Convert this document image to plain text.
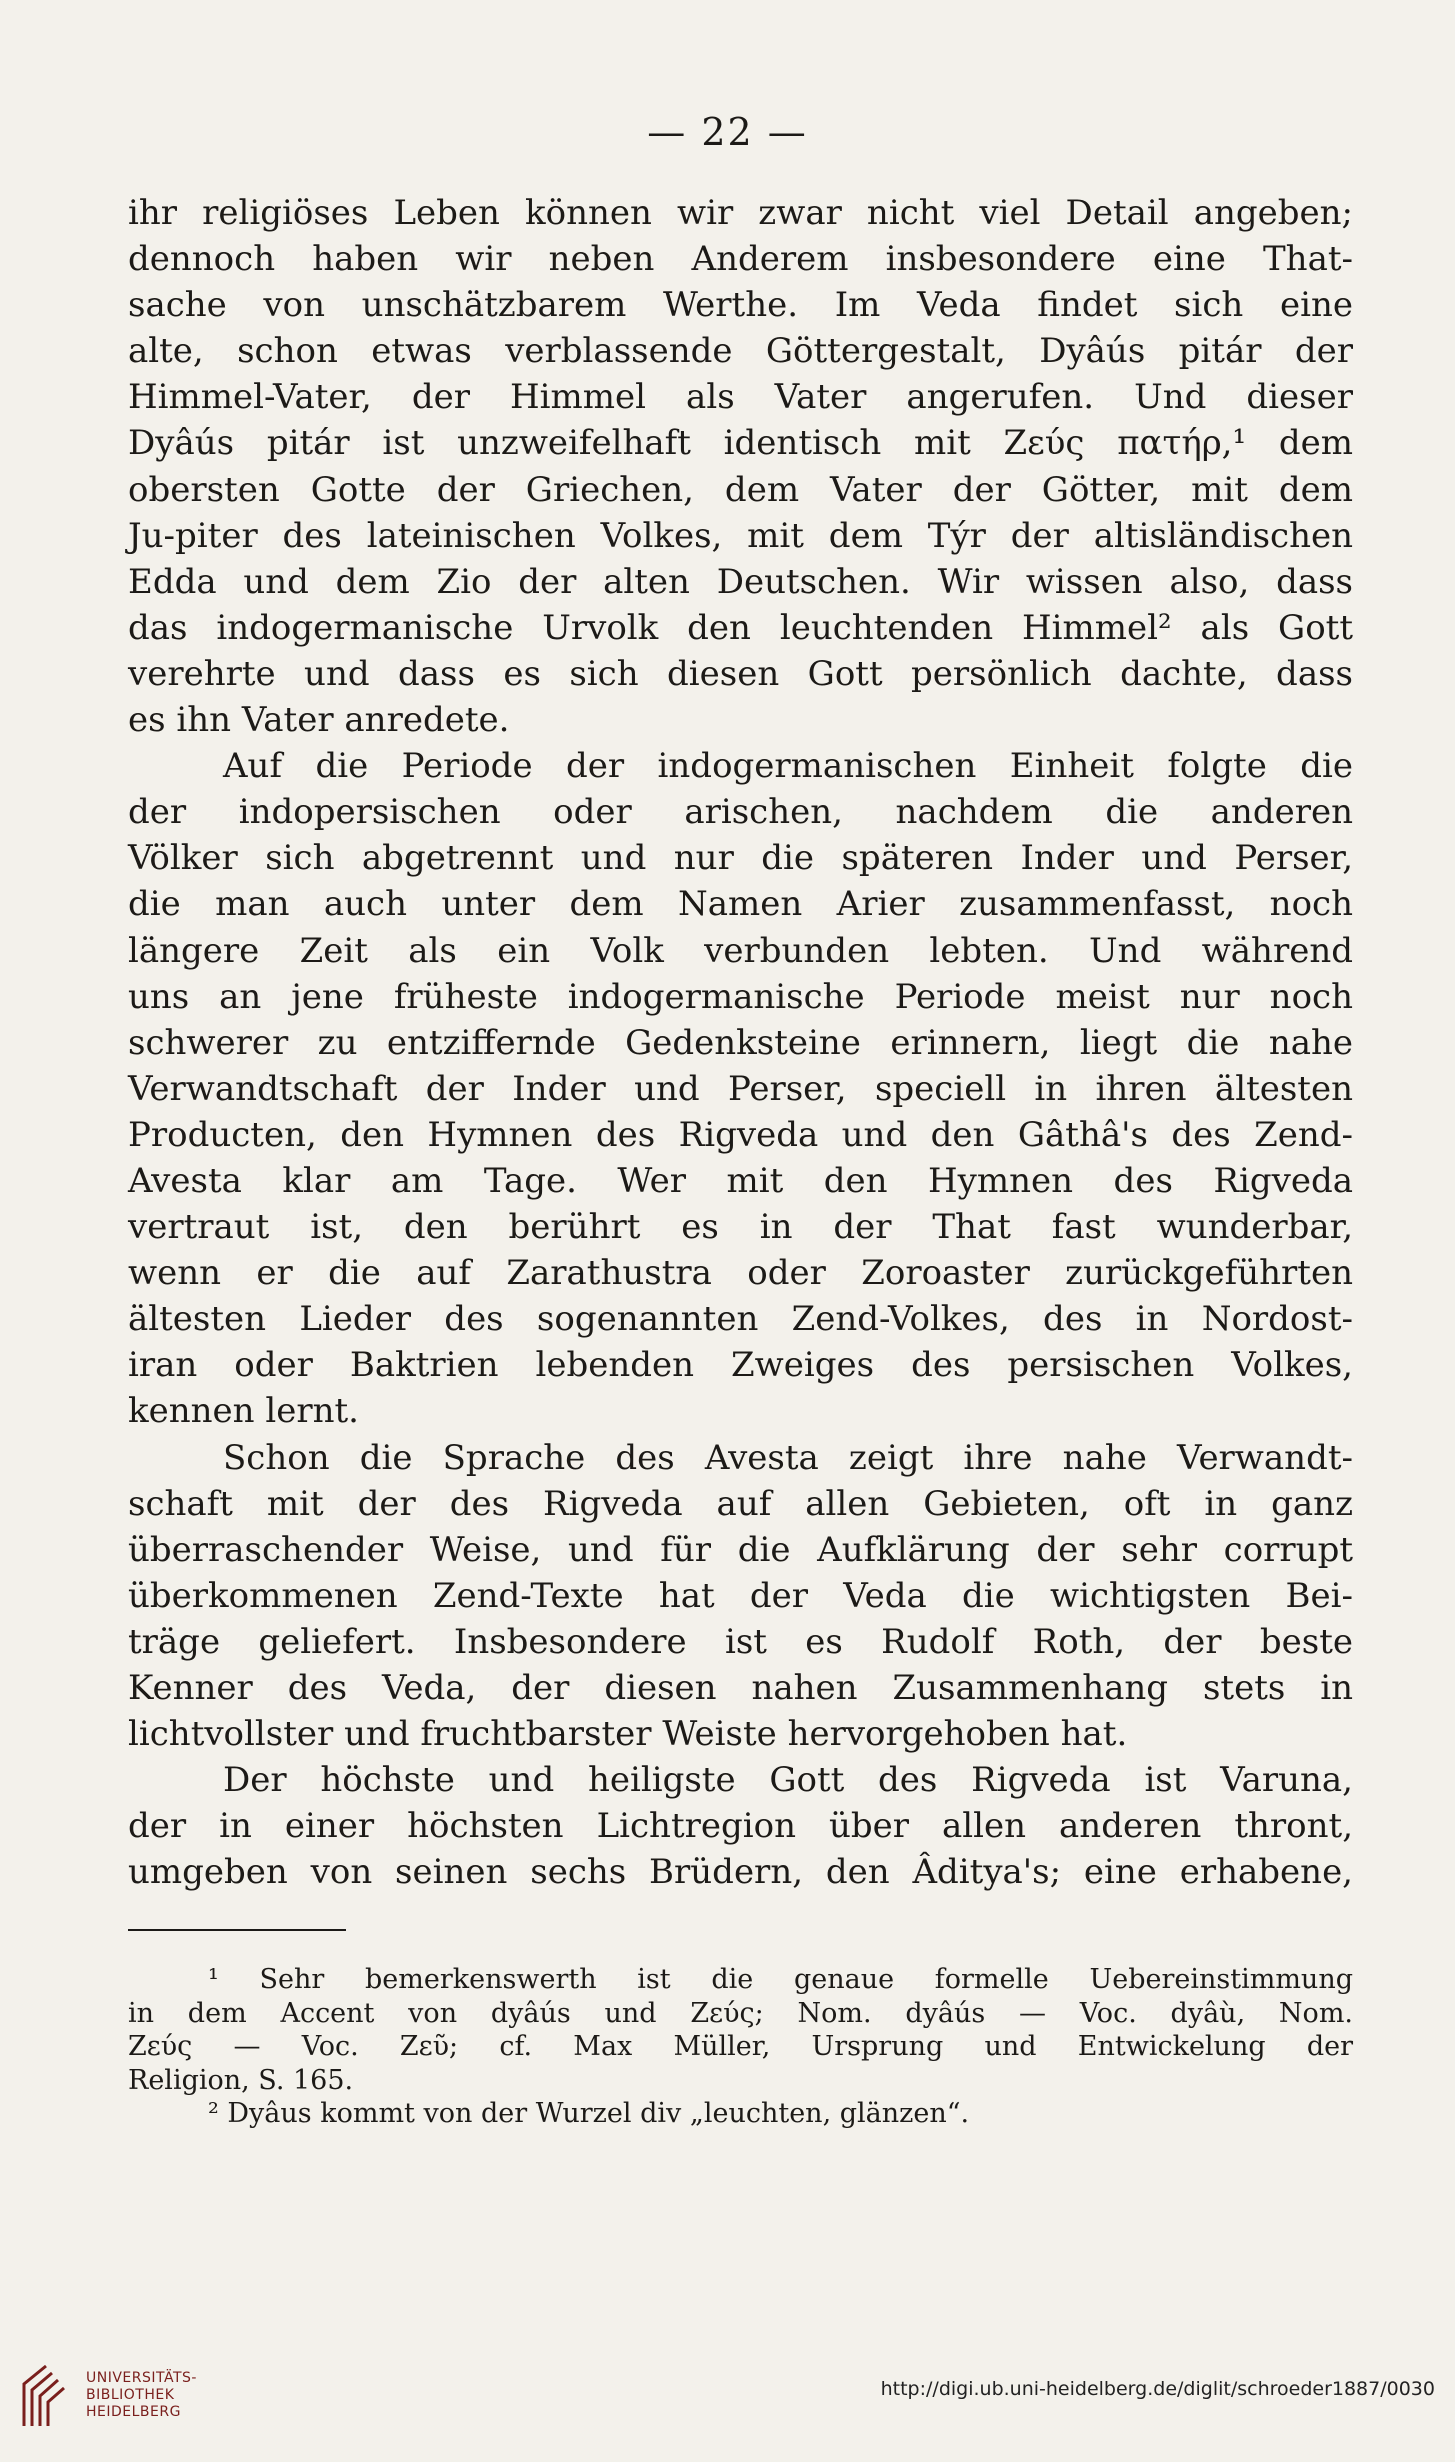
— 22 —
ihr religiöses Leben können wir zwar nicht viel Detail angeben;
dennoch haben wir neben Anderem insbesondere eine That-
sache von unschätzbarem Werthe. Im Veda findet sich eine
alte, schon etwas verblassende Göttergestalt, Dyâús pitár der
Himmel-Vater, der Himmel als Vater angerufen. Und dieser
Dyâús pitár ist unzweifelhaft identisch mit Ζεύς πατήρ,¹ dem
obersten Gotte der Griechen, dem Vater der Götter, mit dem
Ju-piter des lateinischen Volkes, mit dem Týr der altisländischen
Edda und dem Zio der alten Deutschen. Wir wissen also, dass
das indogermanische Urvolk den leuchtenden Himmel² als Gott
verehrte und dass es sich diesen Gott persönlich dachte, dass
es ihn Vater anredete.
Auf die Periode der indogermanischen Einheit folgte die
der indopersischen oder arischen, nachdem die anderen
Völker sich abgetrennt und nur die späteren Inder und Perser,
die man auch unter dem Namen Arier zusammenfasst, noch
längere Zeit als ein Volk verbunden lebten. Und während
uns an jene früheste indogermanische Periode meist nur noch
schwerer zu entziffernde Gedenksteine erinnern, liegt die nahe
Verwandtschaft der Inder und Perser, speciell in ihren ältesten
Producten, den Hymnen des Rigveda und den Gâthâ's des Zend-
Avesta klar am Tage. Wer mit den Hymnen des Rigveda
vertraut ist, den berührt es in der That fast wunderbar,
wenn er die auf Zarathustra oder Zoroaster zurückgeführten
ältesten Lieder des sogenannten Zend-Volkes, des in Nordost-
iran oder Baktrien lebenden Zweiges des persischen Volkes,
kennen lernt.
Schon die Sprache des Avesta zeigt ihre nahe Verwandt-
schaft mit der des Rigveda auf allen Gebieten, oft in ganz
überraschender Weise, und für die Aufklärung der sehr corrupt
überkommenen Zend-Texte hat der Veda die wichtigsten Bei-
träge geliefert. Insbesondere ist es Rudolf Roth, der beste
Kenner des Veda, der diesen nahen Zusammenhang stets in
lichtvollster und fruchtbarster Weiste hervorgehoben hat.
Der höchste und heiligste Gott des Rigveda ist Varuna,
der in einer höchsten Lichtregion über allen anderen thront,
umgeben von seinen sechs Brüdern, den Âditya's; eine erhabene,
¹ Sehr bemerkenswerth ist die genaue formelle Uebereinstimmung
in dem Accent von dyâús und Ζεύς; Nom. dyâús — Voc. dyâù, Nom.
Ζεύς — Voc. Ζεῦ; cf. Max Müller, Ursprung und Entwickelung der
Religion, S. 165.
² Dyâus kommt von der Wurzel div „leuchten, glänzen“.
UNIVERSITÄTS-
BIBLIOTHEK
HEIDELBERG
http://digi.ub.uni-heidelberg.de/diglit/schroeder1887/0030
